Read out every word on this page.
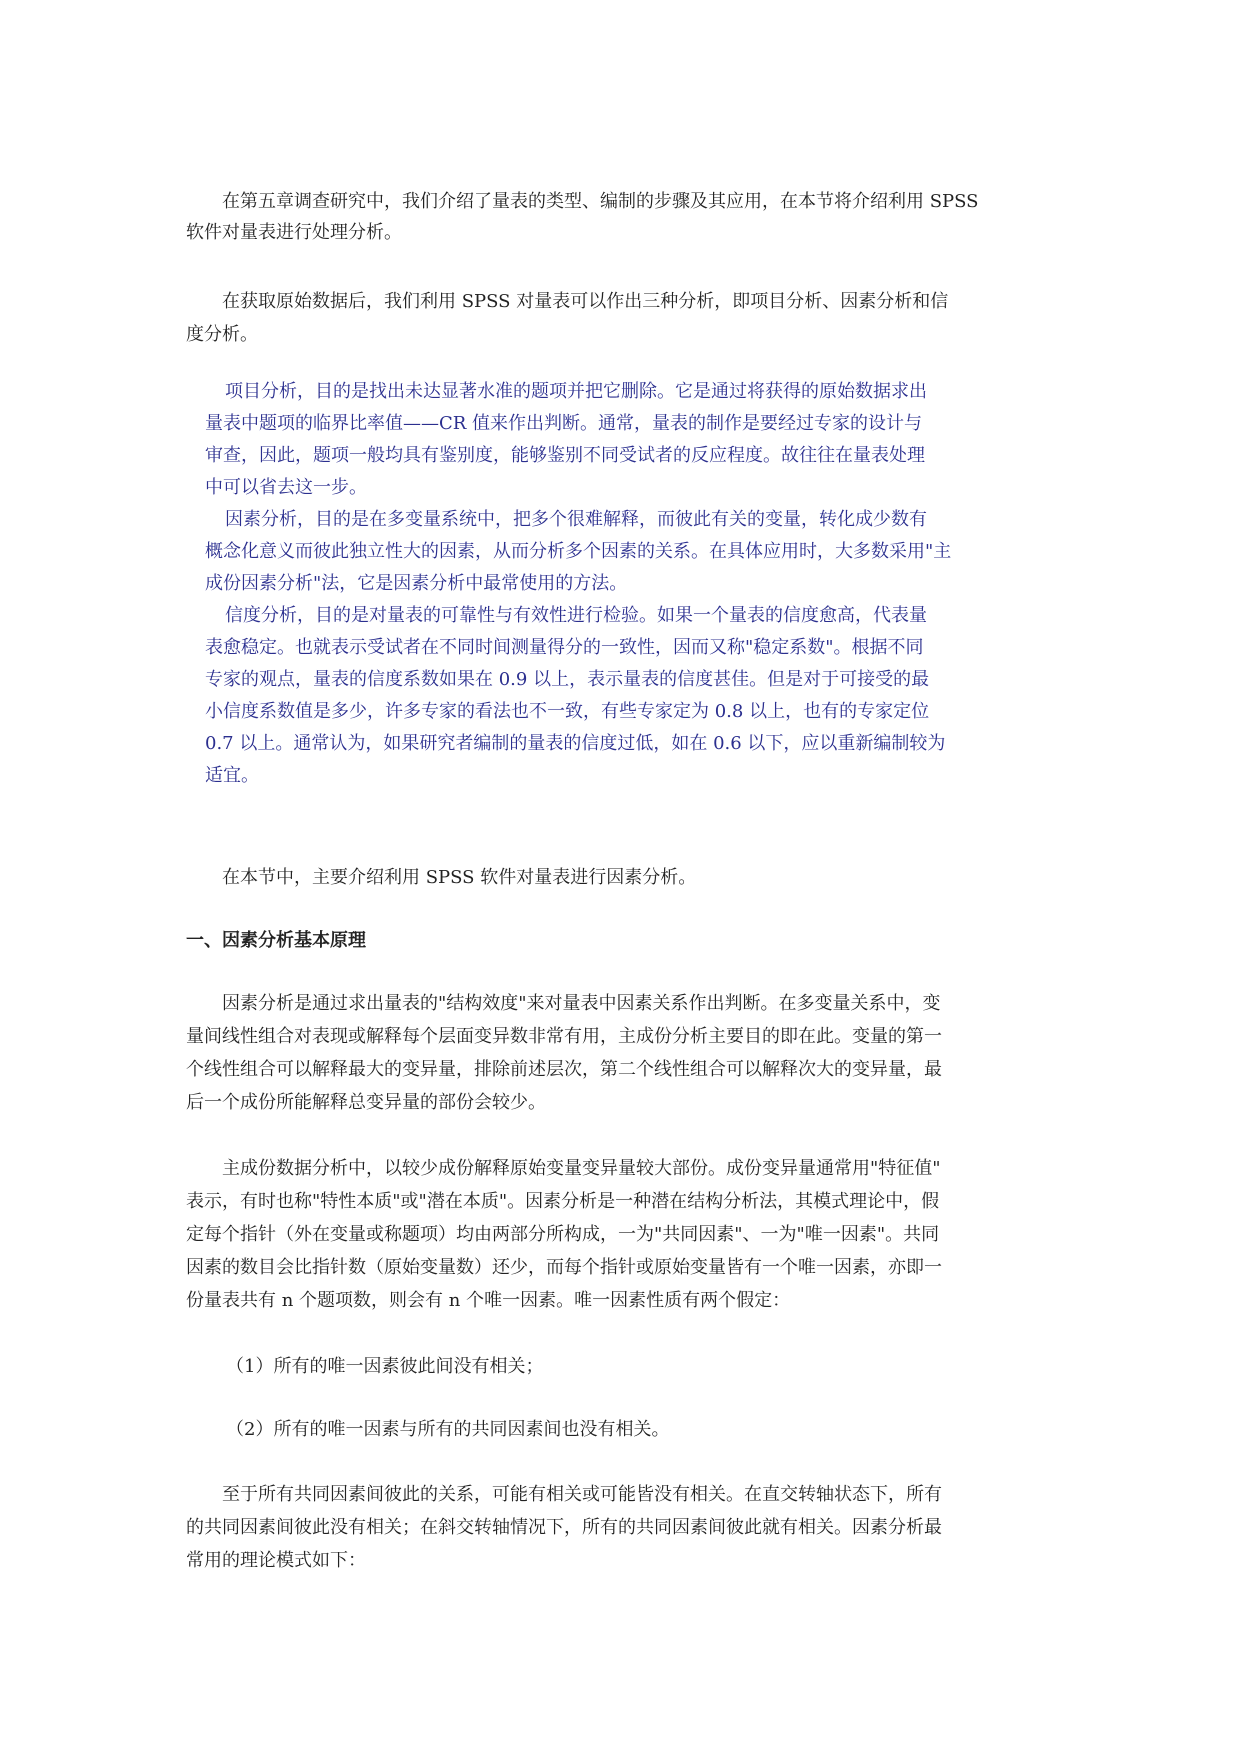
在第五章调查研究中，我们介绍了量表的类型、编制的步骤及其应用，在本节将介绍利用 SPSS
软件对量表进行处理分析。
在获取原始数据后，我们利用 SPSS 对量表可以作出三种分析，即项目分析、因素分析和信
度分析。
项目分析，目的是找出未达显著水准的题项并把它删除。它是通过将获得的原始数据求出
量表中题项的临界比率值——CR 值来作出判断。通常，量表的制作是要经过专家的设计与
审查，因此，题项一般均具有鉴别度，能够鉴别不同受试者的反应程度。故往往在量表处理
中可以省去这一步。
因素分析，目的是在多变量系统中，把多个很难解释，而彼此有关的变量，转化成少数有
概念化意义而彼此独立性大的因素，从而分析多个因素的关系。在具体应用时，大多数采用"主
成份因素分析"法，它是因素分析中最常使用的方法。
信度分析，目的是对量表的可靠性与有效性进行检验。如果一个量表的信度愈高，代表量
表愈稳定。也就表示受试者在不同时间测量得分的一致性，因而又称"稳定系数"。根据不同
专家的观点，量表的信度系数如果在 0.9 以上，表示量表的信度甚佳。但是对于可接受的最
小信度系数值是多少，许多专家的看法也不一致，有些专家定为 0.8 以上，也有的专家定位
0.7 以上。通常认为，如果研究者编制的量表的信度过低，如在 0.6 以下，应以重新编制较为
适宜。
在本节中，主要介绍利用 SPSS 软件对量表进行因素分析。
一、因素分析基本原理
因素分析是通过求出量表的"结构效度"来对量表中因素关系作出判断。在多变量关系中，变
量间线性组合对表现或解释每个层面变异数非常有用，主成份分析主要目的即在此。变量的第一
个线性组合可以解释最大的变异量，排除前述层次，第二个线性组合可以解释次大的变异量，最
后一个成份所能解释总变异量的部份会较少。
主成份数据分析中，以较少成份解释原始变量变异量较大部份。成份变异量通常用"特征值"
表示，有时也称"特性本质"或"潜在本质"。因素分析是一种潜在结构分析法，其模式理论中，假
定每个指针（外在变量或称题项）均由两部分所构成，一为"共同因素"、一为"唯一因素"。共同
因素的数目会比指针数（原始变量数）还少，而每个指针或原始变量皆有一个唯一因素，亦即一
份量表共有 n 个题项数，则会有 n 个唯一因素。唯一因素性质有两个假定：
（1）所有的唯一因素彼此间没有相关；
（2）所有的唯一因素与所有的共同因素间也没有相关。
至于所有共同因素间彼此的关系，可能有相关或可能皆没有相关。在直交转轴状态下，所有
的共同因素间彼此没有相关；在斜交转轴情况下，所有的共同因素间彼此就有相关。因素分析最
常用的理论模式如下：
